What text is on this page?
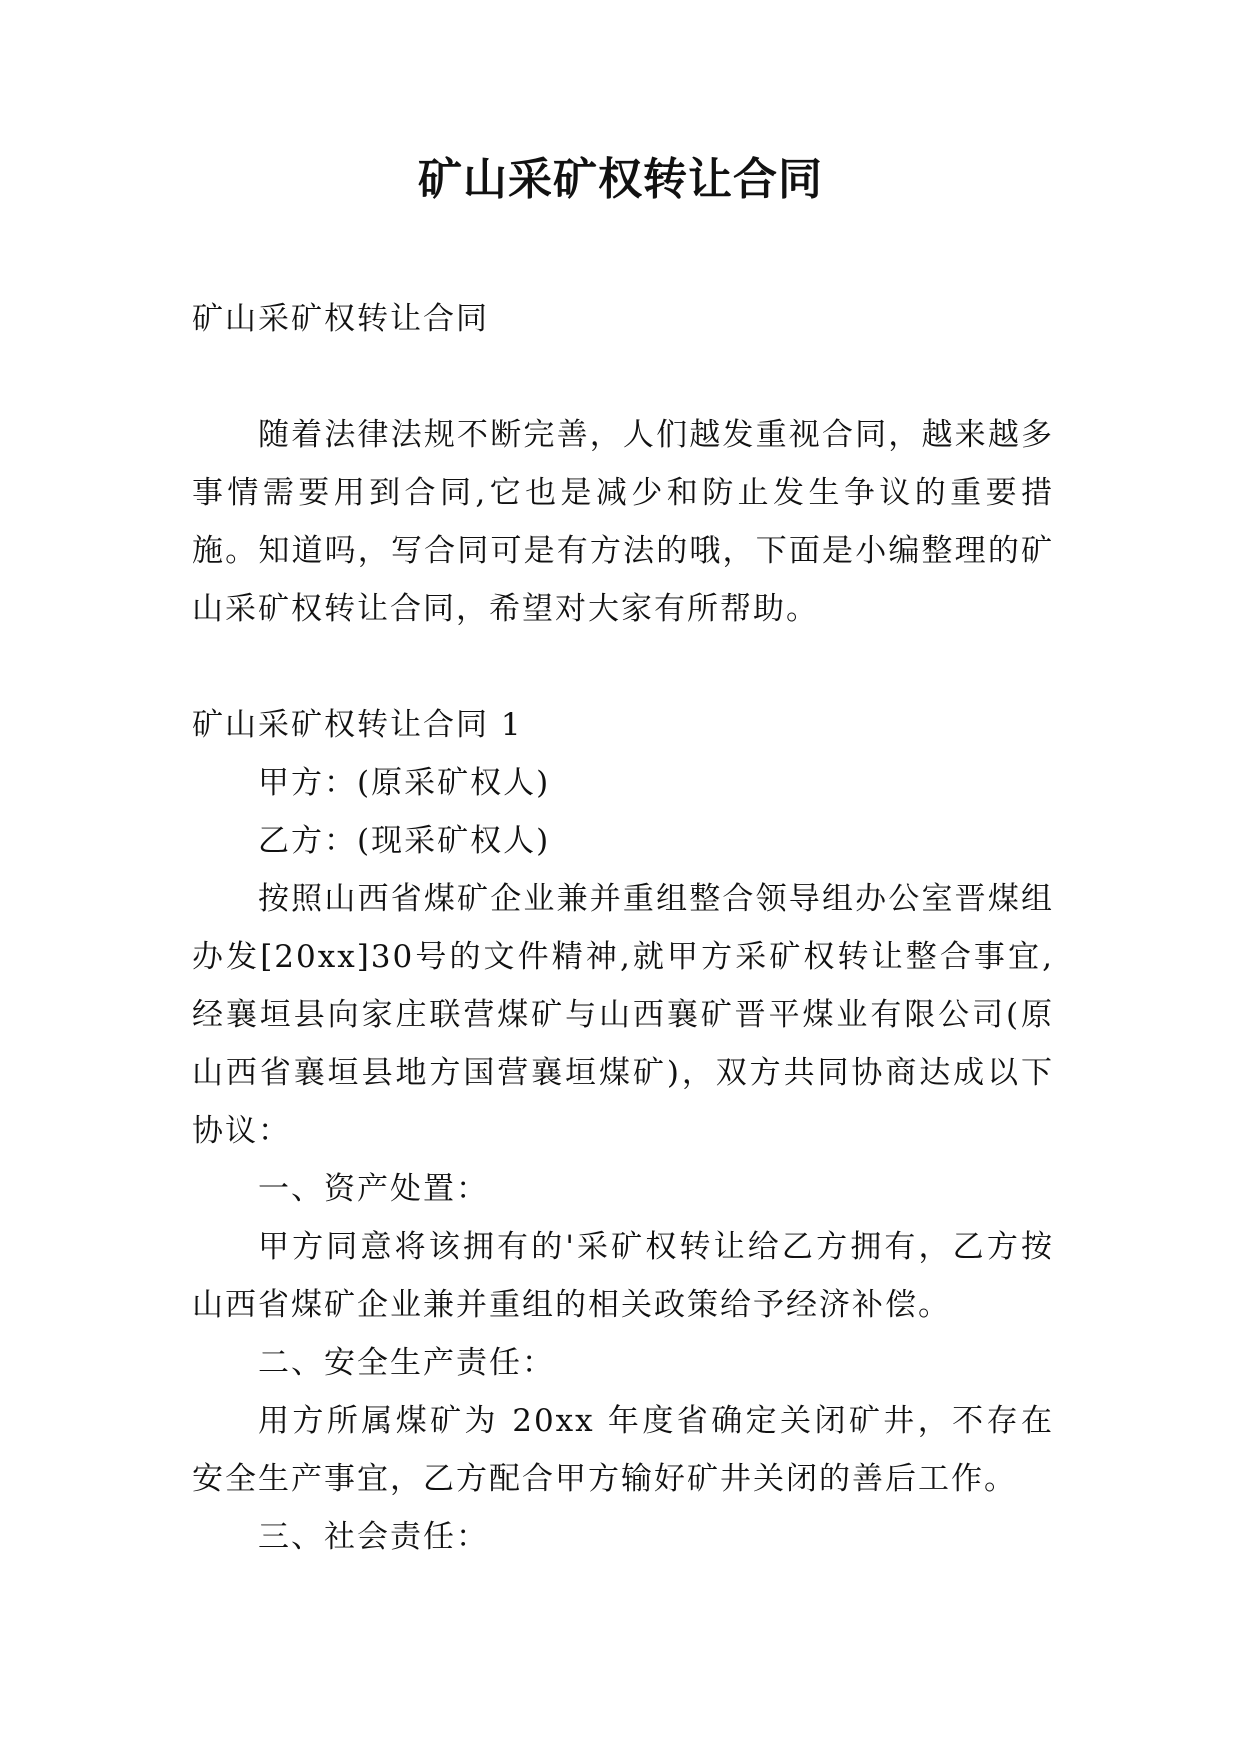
矿山采矿权转让合同

矿山采矿权转让合同

随着法律法规不断完善，人们越发重视合同，越来越多事情需要用到合同,它也是减少和防止发生争议的重要措施。知道吗，写合同可是有方法的哦，下面是小编整理的矿山采矿权转让合同，希望对大家有所帮助。

矿山采矿权转让合同 1

甲方：(原采矿权人)

乙方：(现采矿权人)

按照山西省煤矿企业兼并重组整合领导组办公室晋煤组办发[20xx]30号的文件精神,就甲方采矿权转让整合事宜,经襄垣县向家庄联营煤矿与山西襄矿晋平煤业有限公司(原山西省襄垣县地方国营襄垣煤矿)，双方共同协商达成以下协议：

一、资产处置：

甲方同意将该拥有的'采矿权转让给乙方拥有，乙方按山西省煤矿企业兼并重组的相关政策给予经济补偿。

二、安全生产责任：

用方所属煤矿为 20xx 年度省确定关闭矿井，不存在安全生产事宜，乙方配合甲方输好矿井关闭的善后工作。

三、社会责任：
